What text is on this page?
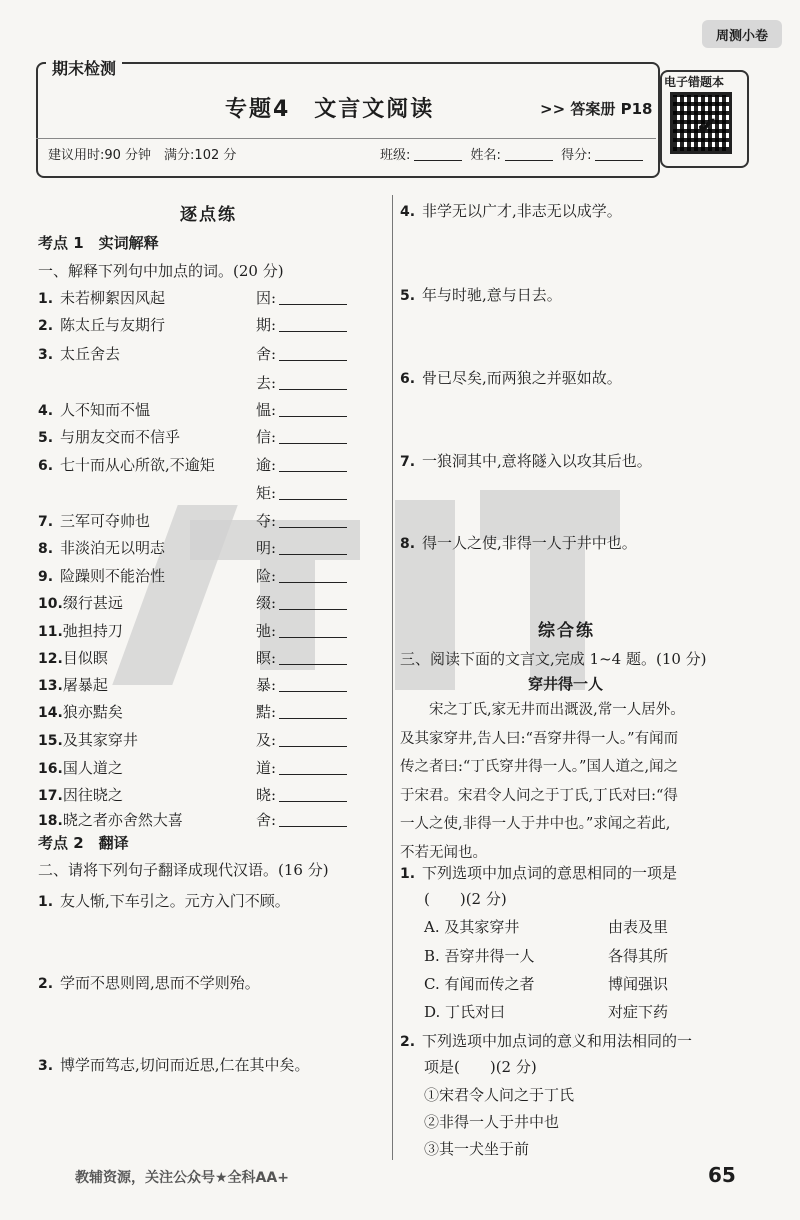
周测小卷
期末检测
专题4　文言文阅读	>> 答案册 P18
电子错题本
✔
建议用时:90 分钟　满分:102 分	班级:	姓名:	得分:
逐点练
考点 1　实词解释
一、解释下列句中加点的词。(20 分)
1. 未若柳絮因风起	因:
2. 陈太丘与友期行	期:
3. 太丘舍去	舍:
去:
4. 人不知而不愠	愠:
5. 与朋友交而不信乎	信:
6. 七十而从心所欲,不逾矩	逾:
矩:
7. 三军可夺帅也	夺:
8. 非淡泊无以明志	明:
9. 险躁则不能治性	险:
10.缀行甚远	缀:
11.弛担持刀	弛:
12.目似瞑	瞑:
13.屠暴起	暴:
14.狼亦黠矣	黠:
15.及其家穿井	及:
16.国人道之	道:
17.因往晓之	晓:
18.晓之者亦舍然大喜	舍:
考点 2　翻译
二、请将下列句子翻译成现代汉语。(16 分)
1. 友人惭,下车引之。元方入门不顾。
2. 学而不思则罔,思而不学则殆。
3. 博学而笃志,切问而近思,仁在其中矣。
4. 非学无以广才,非志无以成学。
5. 年与时驰,意与日去。
6. 骨已尽矣,而两狼之并驱如故。
7. 一狼洞其中,意将隧入以攻其后也。
8. 得一人之使,非得一人于井中也。
综合练
三、阅读下面的文言文,完成 1~4 题。(10 分)
穿井得一人
　　宋之丁氏,家无井而出溉汲,常一人居外。
及其家穿井,告人曰:“吾穿井得一人。”有闻而
传之者曰:“丁氏穿井得一人。”国人道之,闻之
于宋君。宋君令人问之于丁氏,丁氏对曰:“得
一人之使,非得一人于井中也。”求闻之若此,
不若无闻也。
1. 下列选项中加点词的意思相同的一项是
(　　)(2 分)
A. 及其家穿井	由表及里
B. 吾穿井得一人	各得其所
C. 有闻而传之者	博闻强识
D. 丁氏对曰	对症下药
2. 下列选项中加点词的意义和用法相同的一
项是(　　)(2 分)
①宋君令人问之于丁氏
②非得一人于井中也
③其一犬坐于前
教辅资源，关注公众号★全科AA+	65
